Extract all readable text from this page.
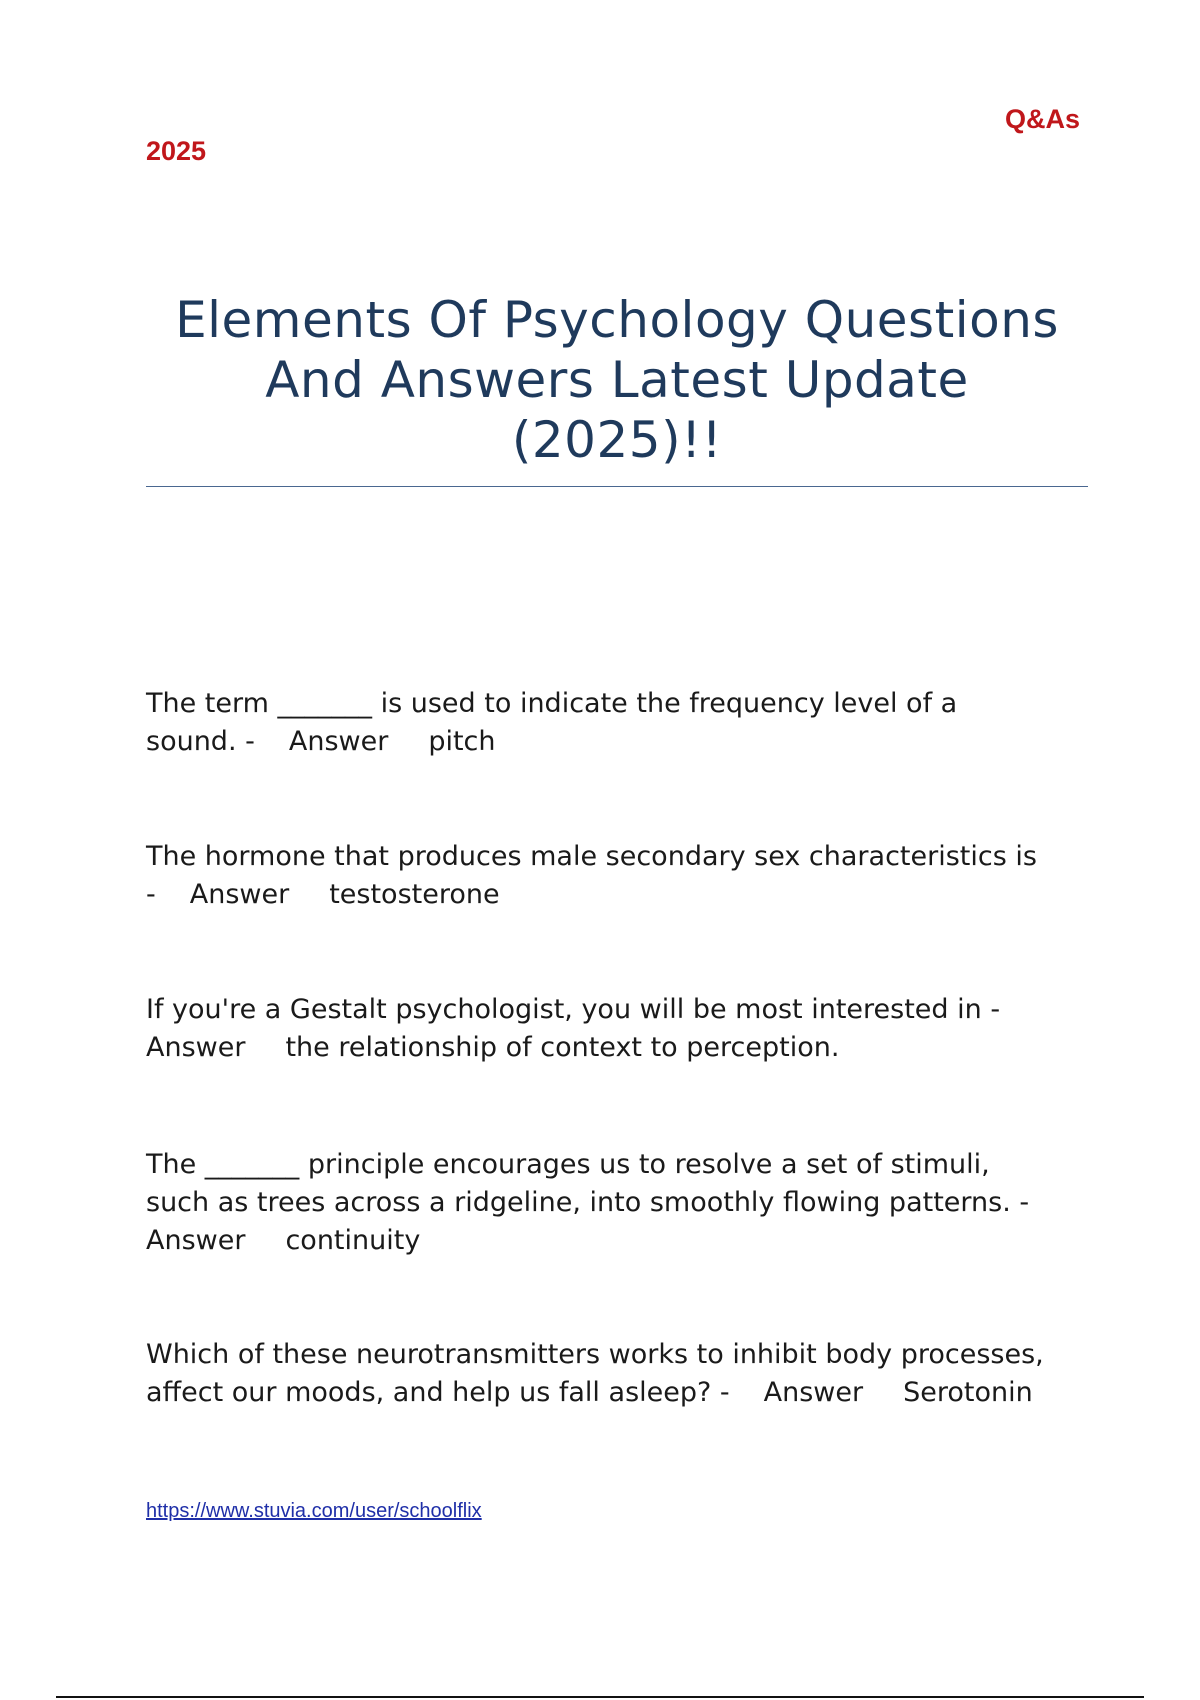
Q&As
2025
Elements Of Psychology Questions
And Answers Latest Update
(2025)!!
The term _______ is used to indicate the frequency level of a
sound. - Answer pitch
The hormone that produces male secondary sex characteristics is
- Answer testosterone
If you're a Gestalt psychologist, you will be most interested in -
Answer the relationship of context to perception.
The _______ principle encourages us to resolve a set of stimuli,
such as trees across a ridgeline, into smoothly flowing patterns. -
Answer continuity
Which of these neurotransmitters works to inhibit body processes,
affect our moods, and help us fall asleep? - Answer Serotonin
https://www.stuvia.com/user/schoolflix
